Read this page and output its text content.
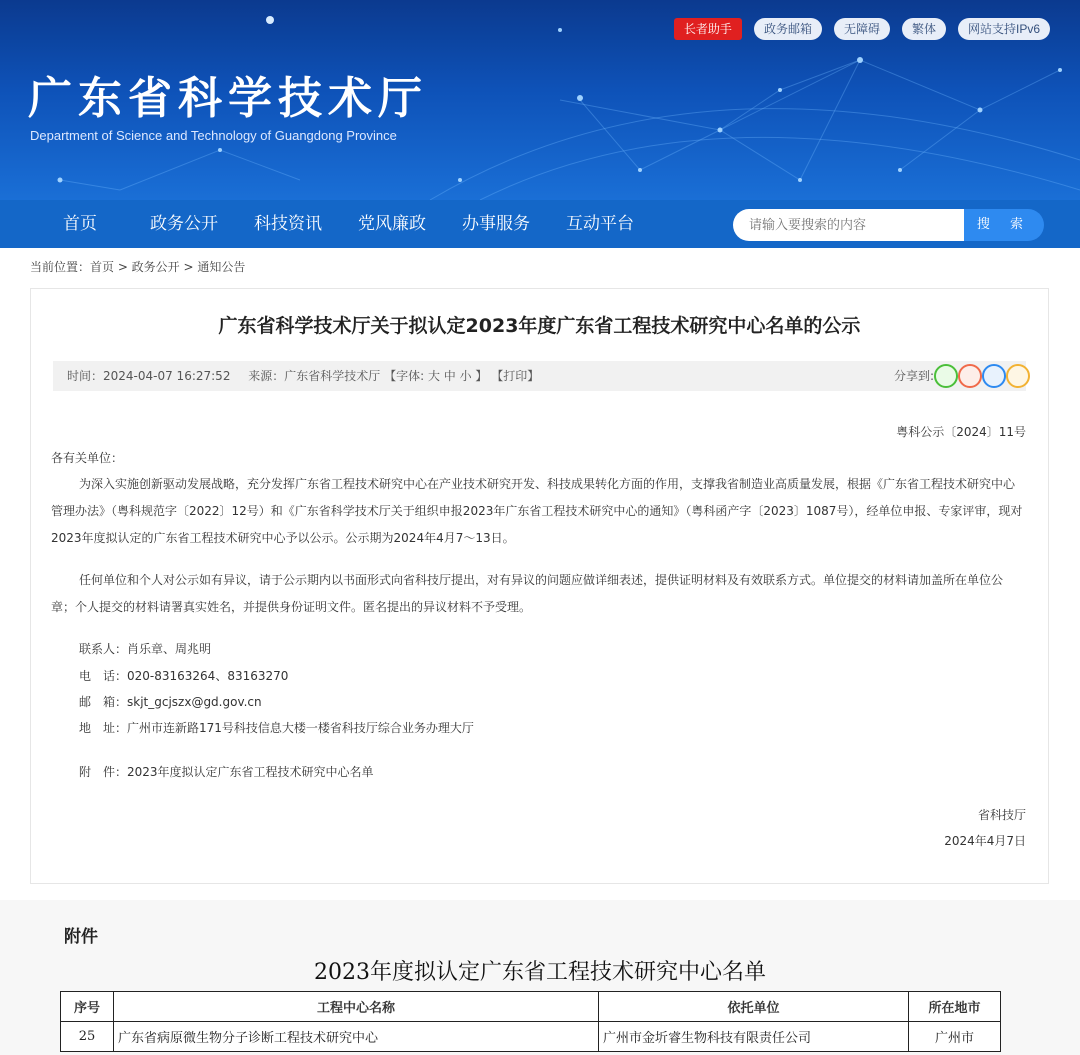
广东省科学技术厅
Department of Science and Technology of Guangdong Province
长者助手	政务邮箱	无障碍	繁体	网站支持IPv6
首页	政务公开 科技资讯 党风廉政 办事服务 互动平台
请输入要搜索的内容	搜 索
当前位置：首页 > 政务公开 > 通知公告
广东省科学技术厅关于拟认定2023年度广东省工程技术研究中心名单的公示
时间：2024-04-07 16:27:52 来源：广东省科学技术厅 【字体: 大 中 小 】 【打印】	分享到:
粤科公示〔2024〕11号
各有关单位：
为深入实施创新驱动发展战略，充分发挥广东省工程技术研究中心在产业技术研究开发、科技成果转化方面的作用，支撑我省制造业高质量发展，根据《广东省工程技术研究中心管理办法》（粤科规范字〔2022〕12号）和《广东省科学技术厅关于组织申报2023年广东省工程技术研究中心的通知》（粤科函产字〔2023〕1087号），经单位申报、专家评审，现对2023年度拟认定的广东省工程技术研究中心予以公示。公示期为2024年4月7～13日。
任何单位和个人对公示如有异议，请于公示期内以书面形式向省科技厅提出，对有异议的问题应做详细表述，提供证明材料及有效联系方式。单位提交的材料请加盖所在单位公章；个人提交的材料请署真实姓名，并提供身份证明文件。匿名提出的异议材料不予受理。
联系人：肖乐章、周兆明
电　话：020-83163264、83163270
邮　箱：skjt_gcjszx@gd.gov.cn
地　址：广州市连新路171号科技信息大楼一楼省科技厅综合业务办理大厅
附　件：2023年度拟认定广东省工程技术研究中心名单
省科技厅
2024年4月7日
附件
2023年度拟认定广东省工程技术研究中心名单
序号	工程中心名称	依托单位	所在地市
25	广东省病原微生物分子诊断工程技术研究中心	广州市金圻睿生物科技有限责任公司	广州市
